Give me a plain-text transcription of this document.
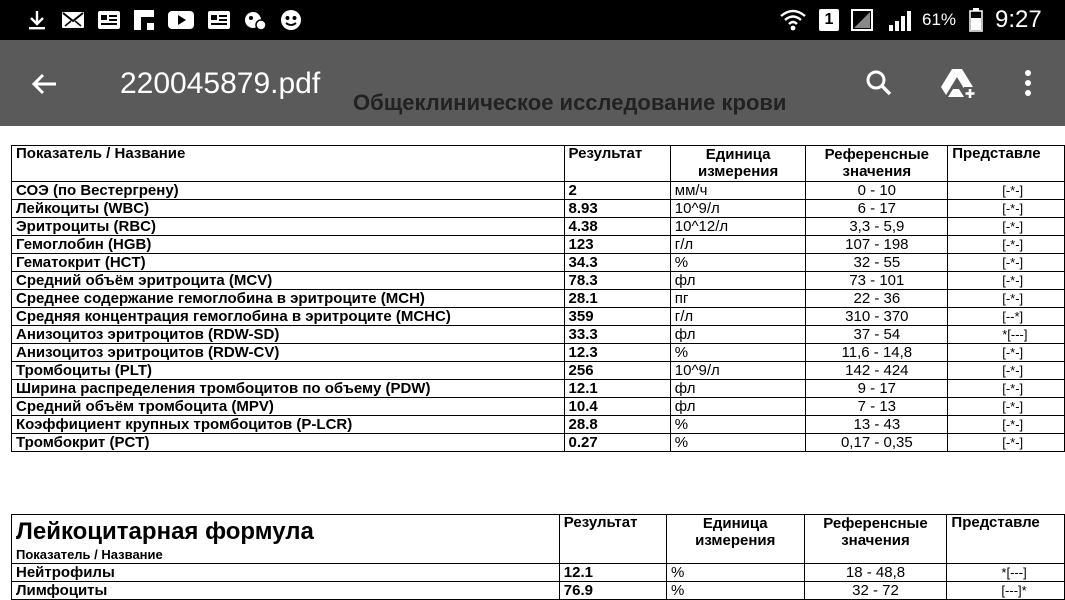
1	61% 9:27
220045879.pdf
Общеклиническое исследование крови
Показатель / Название	Результат	Единица измерения	Референсные значения	Представле
СОЭ (по Вестергрену)	2	мм/ч	0 - 10	[-*-]
Лейкоциты (WBC)	8.93	10^9/л	6 - 17	[-*-]
Эритроциты (RBC)	4.38	10^12/л	3,3 - 5,9	[-*-]
Гемоглобин (HGB)	123	г/л	107 - 198	[-*-]
Гематокрит (HCT)	34.3	%	32 - 55	[-*-]
Средний объём эритроцита (MCV)	78.3	фл	73 - 101	[-*-]
Среднее содержание гемоглобина в эритроците (MCH)	28.1	пг	22 - 36	[-*-]
Средняя концентрация гемоглобина в эритроците (MCHC)	359	г/л	310 - 370	[--*]
Анизоцитоз эритроцитов (RDW-SD)	33.3	фл	37 - 54	*[---]
Анизоцитоз эритроцитов (RDW-CV)	12.3	%	11,6 - 14,8	[-*-]
Тромбоциты (PLT)	256	10^9/л	142 - 424	[-*-]
Ширина распределения тромбоцитов по объему (PDW)	12.1	фл	9 - 17	[-*-]
Средний объём тромбоцита (MPV)	10.4	фл	7 - 13	[-*-]
Коэффициент крупных тромбоцитов (P-LCR)	28.8	%	13 - 43	[-*-]
Тромбокрит (PCT)	0.27	%	0,17 - 0,35	[-*-]
Лейкоцитарная формула
Показатель / Название	Результат	Единица измерения	Референсные значения	Представле
Нейтрофилы	12.1	%	18 - 48,8	*[---]
Лимфоциты	76.9	%	32 - 72	[---]*
